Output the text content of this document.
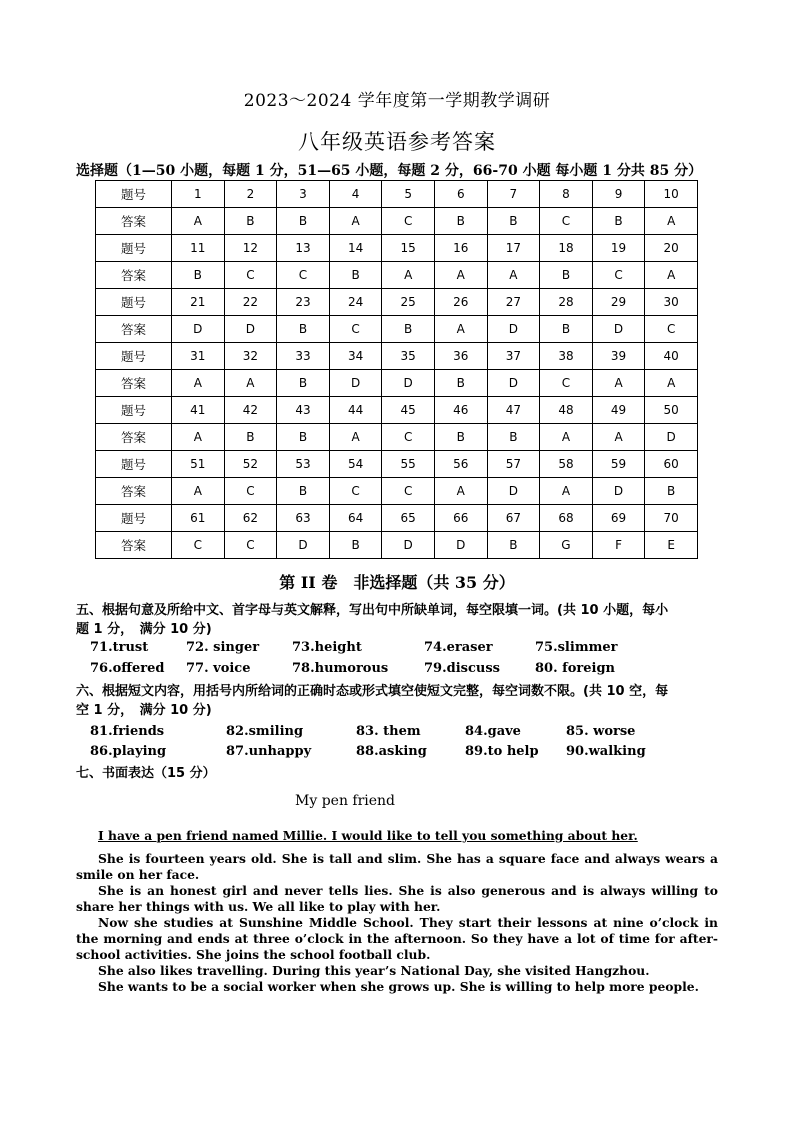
2023～2024 学年度第一学期教学调研
八年级英语参考答案
选择题（1—50 小题，每题 1 分，51—65 小题，每题 2 分，66-70 小题 每小题 1 分共 85 分）
题号	1	2	3	4	5	6	7	8	9	10
答案	A	B	B	A	C	B	B	C	B	A
题号	11	12	13	14	15	16	17	18	19	20
答案	B	C	C	B	A	A	A	B	C	A
题号	21	22	23	24	25	26	27	28	29	30
答案	D	D	B	C	B	A	D	B	D	C
题号	31	32	33	34	35	36	37	38	39	40
答案	A	A	B	D	D	B	D	C	A	A
题号	41	42	43	44	45	46	47	48	49	50
答案	A	B	B	A	C	B	B	A	A	D
题号	51	52	53	54	55	56	57	58	59	60
答案	A	C	B	C	C	A	D	A	D	B
题号	61	62	63	64	65	66	67	68	69	70
答案	C	C	D	B	D	D	B	G	F	E
第 II 卷　非选择题（共 35 分）
五、根据句意及所给中文、首字母与英文解释，写出句中所缺单词，每空限填一词。(共 10 小题，每小
题 1 分，　满分 10 分)
71.trust	72. singer	73.height	74.eraser	75.slimmer
76.offered 77. voice	78.humorous	79.discuss	80. foreign
六、根据短文内容，用括号内所给词的正确时态或形式填空使短文完整，每空词数不限。(共 10 空，每
空 1 分，　满分 10 分)
81.friends	82.smiling	83. them	84.gave	85. worse
86.playing	87.unhappy	88.asking	89.to help 90.walking
七、书面表达（15 分）
My pen friend
I have a pen friend named Millie. I would like to tell you something about her.
She is fourteen years old. She is tall and slim. She has a square face and always wears a smile on her face.
She is an honest girl and never tells lies. She is also generous and is always willing to share her things with us. We all like to play with her.
Now she studies at Sunshine Middle School. They start their lessons at nine o’clock in the morning and ends at three o’clock in the afternoon. So they have a lot of time for after-school activities. She joins the school football club.
She also likes travelling. During this year’s National Day, she visited Hangzhou.
She wants to be a social worker when she grows up. She is willing to help more people.
